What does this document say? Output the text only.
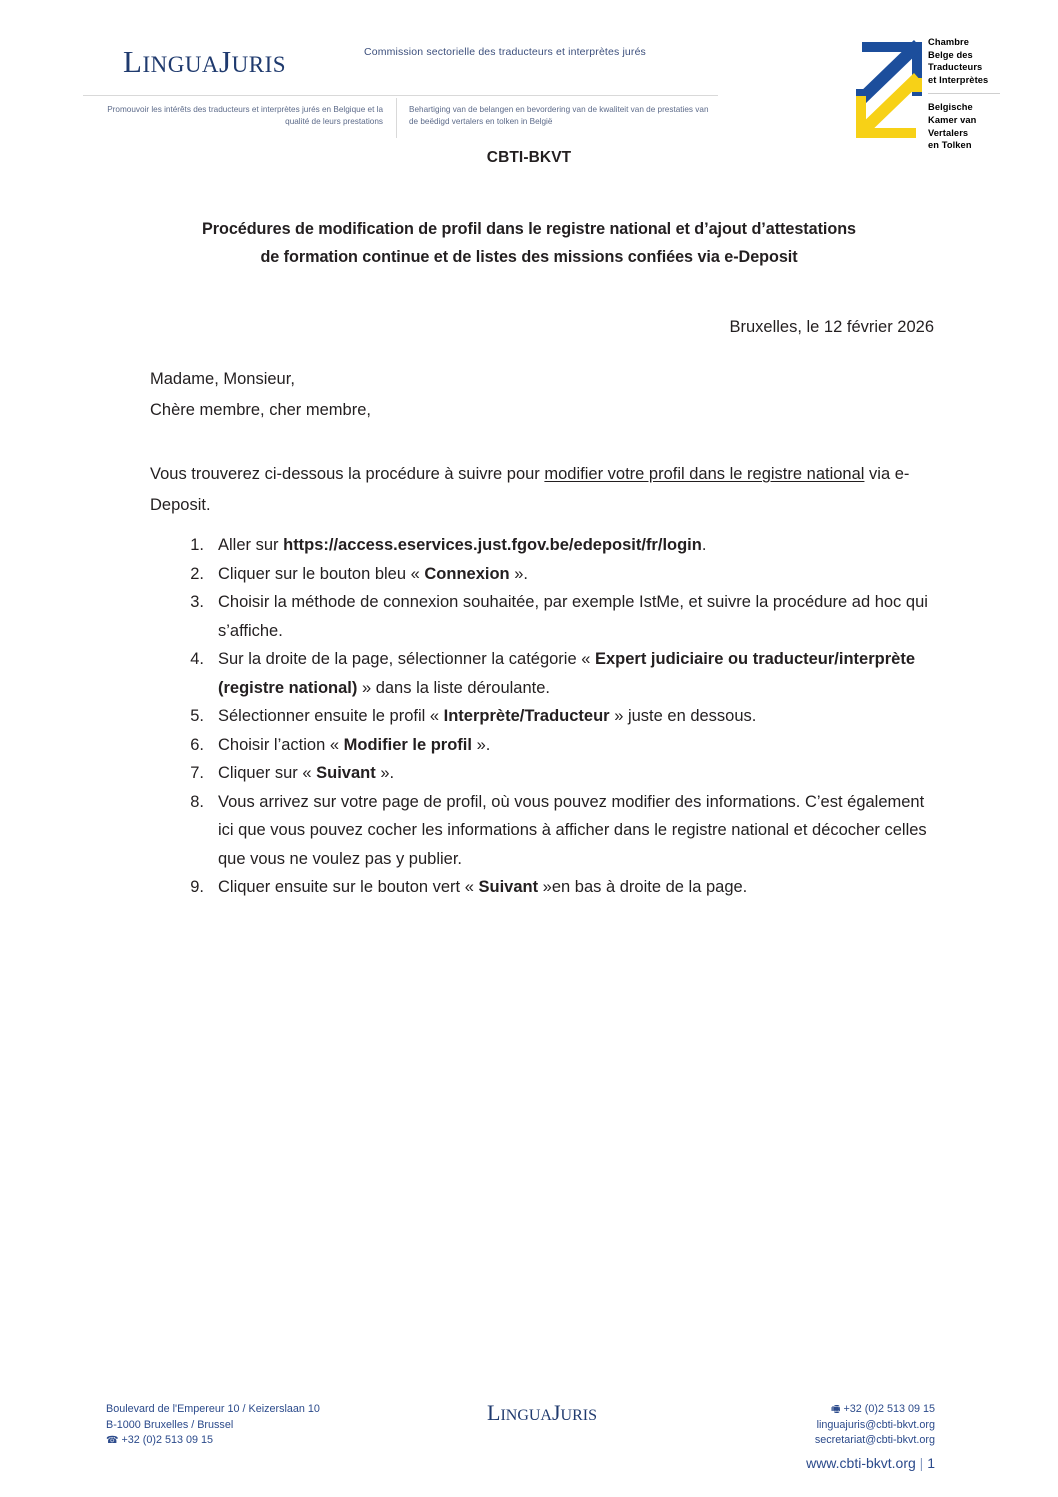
LINGUAJURIS	Commission sectorielle des traducteurs et interprètes jurés
Promouvoir les intérêts des traducteurs et interprètes jurés en Belgique et la qualité de leurs prestations
Behartiging van de belangen en bevordering van de kwaliteit van de prestaties van de beëdigd vertalers en tolken in België
Chambre
Belge des
Traducteurs
et Interprètes
Belgische
Kamer van
Vertalers
en Tolken
CBTI-BKVT
Procédures de modification de profil dans le registre national et d’ajout d’attestations
de formation continue et de listes des missions confiées via e-Deposit
Bruxelles, le 12 février 2026
Madame, Monsieur,
Chère membre, cher membre,
Vous trouverez ci-dessous la procédure à suivre pour modifier votre profil dans le registre national via e-Deposit.
1. Aller sur https://access.eservices.just.fgov.be/edeposit/fr/login.
2. Cliquer sur le bouton bleu « Connexion ».
3. Choisir la méthode de connexion souhaitée, par exemple IstMe, et suivre la procédure ad hoc qui s’affiche.
4. Sur la droite de la page, sélectionner la catégorie « Expert judiciaire ou traducteur/interprète (registre national) » dans la liste déroulante.
5. Sélectionner ensuite le profil « Interprète/Traducteur » juste en dessous.
6. Choisir l’action « Modifier le profil ».
7. Cliquer sur « Suivant ».
8. Vous arrivez sur votre page de profil, où vous pouvez modifier des informations. C’est également ici que vous pouvez cocher les informations à afficher dans le registre national et décocher celles que vous ne voulez pas y publier.
9. Cliquer ensuite sur le bouton vert « Suivant »en bas à droite de la page.
Boulevard de l'Empereur 10 / Keizerslaan 10
B-1000 Bruxelles / Brussel
☎ +32 (0)2 513 09 15
LINGUAJURIS	🖷 +32 (0)2 513 09 15
linguajuris@cbti-bkvt.org
secretariat@cbti-bkvt.org
www.cbti-bkvt.org | 1
